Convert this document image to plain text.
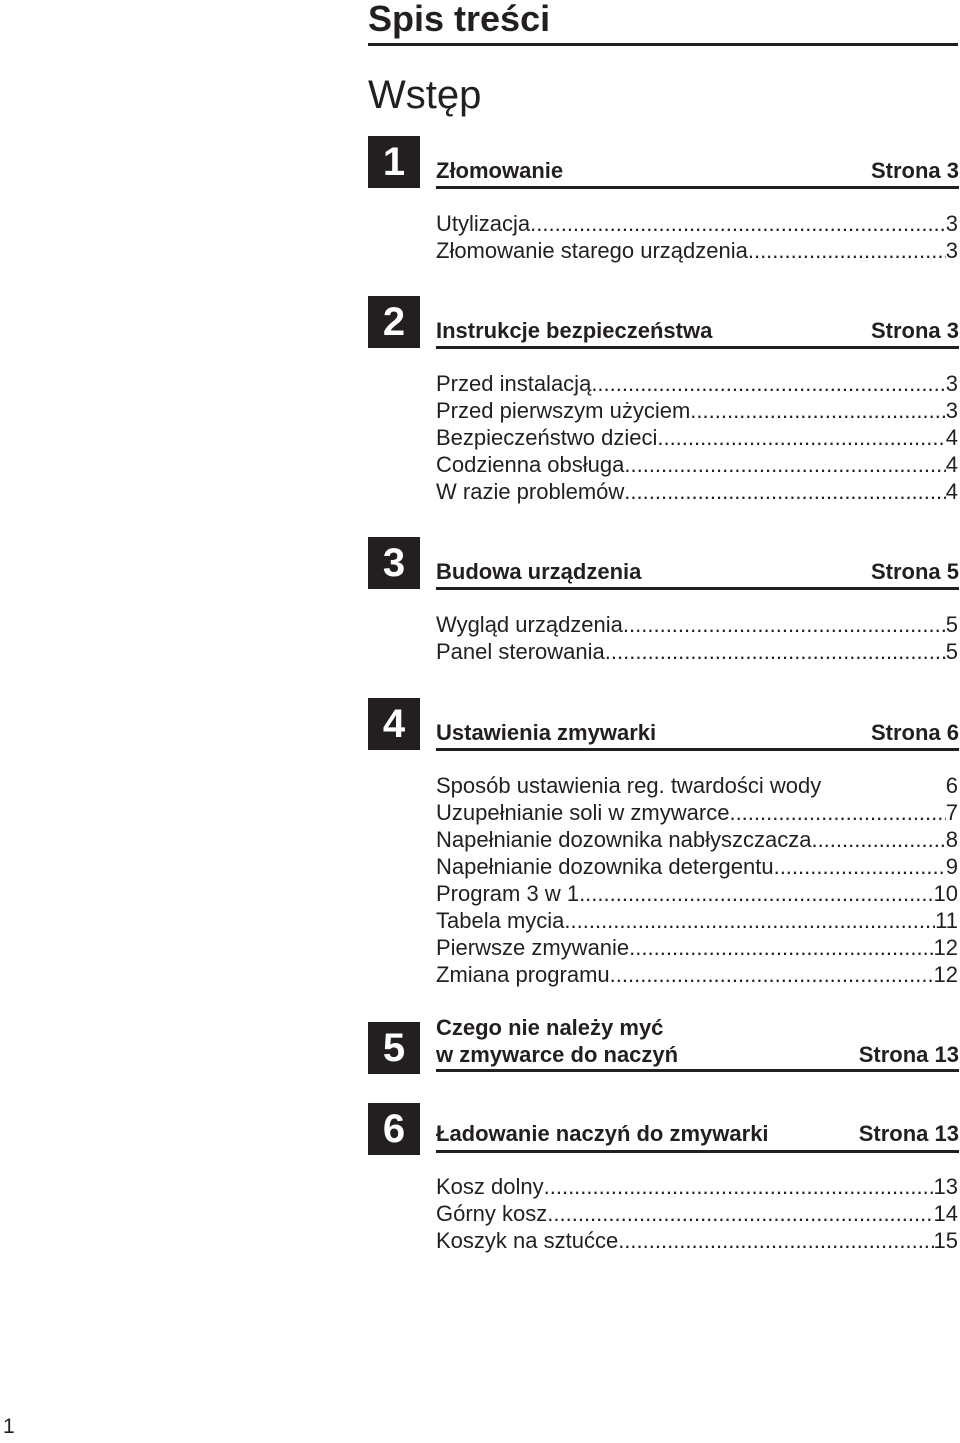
Spis treści
Wstęp
1	Złomowanie	Strona 3
Utylizacja .....	3
Złomowanie starego urządzenia .....	3
2	Instrukcje bezpieczeństwa	Strona 3
Przed instalacją .....	3
Przed pierwszym użyciem .....	3
Bezpieczeństwo dzieci .....	4
Codzienna obsługa .....	4
W razie problemów .....	4
3	Budowa urządzenia	Strona 5
Wygląd urządzenia .....	5
Panel sterowania .....	5
4	Ustawienia zmywarki	Strona 6
Sposób ustawienia reg. twardości wody	6
Uzupełnianie soli w zmywarce .....	7
Napełnianie dozownika nabłyszczacza .....	8
Napełnianie dozownika detergentu .....	9
Program 3 w 1 .....	10
Tabela mycia .....	11
Pierwsze zmywanie .....	12
Zmiana programu .....	12
5	Czego nie należy myć
w zmywarce do naczyń	Strona 13
6	Ładowanie naczyń do zmywarki	Strona 13
Kosz dolny .....	13
Górny kosz .....	14
Koszyk na sztućce .....	15
1
